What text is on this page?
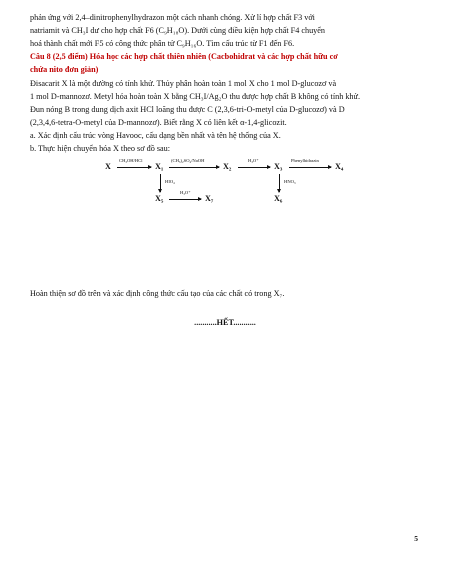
phản ứng với 2,4–dinitrophenylhydrazon một cách nhanh chóng. Xử lí hợp chất F3 với
natriamit và CH₃I dư cho hợp chất F6 (C₉H₁₈O). Dưới cùng điều kiện hợp chất F4 chuyển
hoá thành chất mới F5 có công thức phân tử C₉H₁₆O. Tìm cấu trúc từ F1 đến F6.
Câu 8 (2,5 điểm) Hóa học các hợp chất thiên nhiên (Cacbohidrat và các hợp chất hữu cơ
chứa nito đơn giản)
Đisacarit X là một đường có tính khử. Thủy phân hoàn toàn 1 mol X cho 1 mol D-glucozơ và
1 mol D-mannozơ. Metyl hóa hoàn toàn X bằng CH₃I/Ag₂O thu được hợp chất B không có tính khử.
Đun nóng B trong dung dịch axit HCl loãng thu được C (2,3,6-tri-O-metyl của D-glucozơ) và D
(2,3,4,6-tetra-O-metyl của D-mannozơ). Biết rằng X có liên kết α-1,4-glicozit.
a. Xác định cấu trúc vòng Havooc, cấu dạng bền nhất và tên hệ thống của X.
b. Thực hiện chuyển hóa X theo sơ đồ sau:
X
CH₃OH/HCl
X₁
(CH₃)₂SO₄/NaOH
X₂
H₃O⁺
X₃
Phenylhidrazin
X₄
HIO₄	HNO₃
X₅
H₃O⁺
X₇	X₆
Hoàn thiện sơ đồ trên và xác định công thức cấu tạo của các chất có trong X₇.
...........HẾT...........
5
